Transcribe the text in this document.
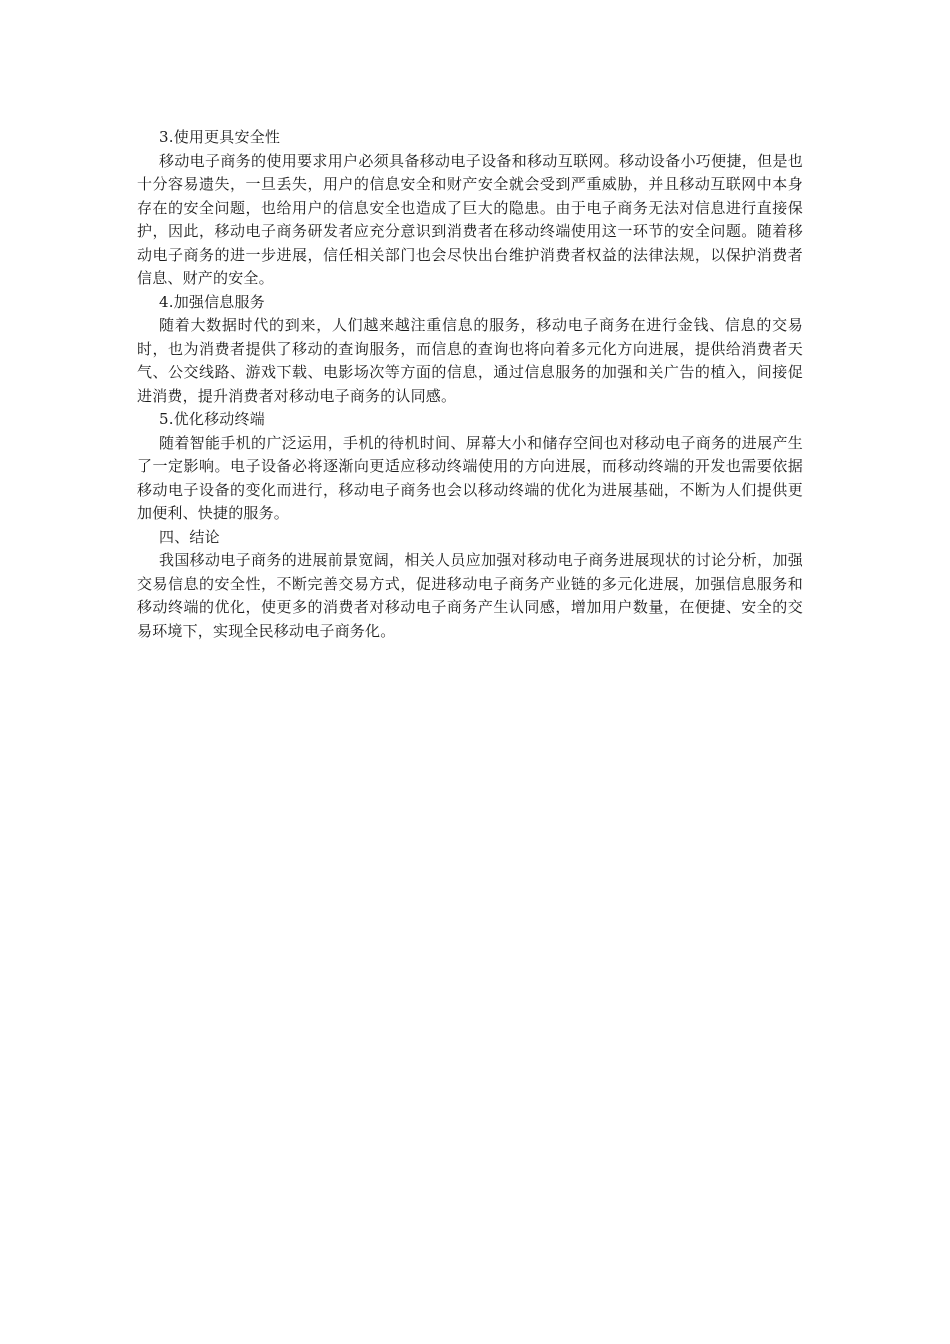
3.使用更具安全性

移动电子商务的使用要求用户必须具备移动电子设备和移动互联网。移动设备小巧便捷，但是也十分容易遗失，一旦丢失，用户的信息安全和财产安全就会受到严重威胁，并且移动互联网中本身存在的安全问题，也给用户的信息安全也造成了巨大的隐患。由于电子商务无法对信息进行直接保护，因此，移动电子商务研发者应充分意识到消费者在移动终端使用这一环节的安全问题。随着移动电子商务的进一步进展，信任相关部门也会尽快出台维护消费者权益的法律法规，以保护消费者信息、财产的安全。

4.加强信息服务

随着大数据时代的到来，人们越来越注重信息的服务，移动电子商务在进行金钱、信息的交易时，也为消费者提供了移动的查询服务，而信息的查询也将向着多元化方向进展，提供给消费者天气、公交线路、游戏下载、电影场次等方面的信息，通过信息服务的加强和关广告的植入，间接促进消费，提升消费者对移动电子商务的认同感。

5.优化移动终端

随着智能手机的广泛运用，手机的待机时间、屏幕大小和储存空间也对移动电子商务的进展产生了一定影响。电子设备必将逐渐向更适应移动终端使用的方向进展，而移动终端的开发也需要依据移动电子设备的变化而进行，移动电子商务也会以移动终端的优化为进展基础，不断为人们提供更加便利、快捷的服务。

四、结论

我国移动电子商务的进展前景宽阔，相关人员应加强对移动电子商务进展现状的讨论分析，加强交易信息的安全性，不断完善交易方式，促进移动电子商务产业链的多元化进展，加强信息服务和移动终端的优化，使更多的消费者对移动电子商务产生认同感，增加用户数量，在便捷、安全的交易环境下，实现全民移动电子商务化。
